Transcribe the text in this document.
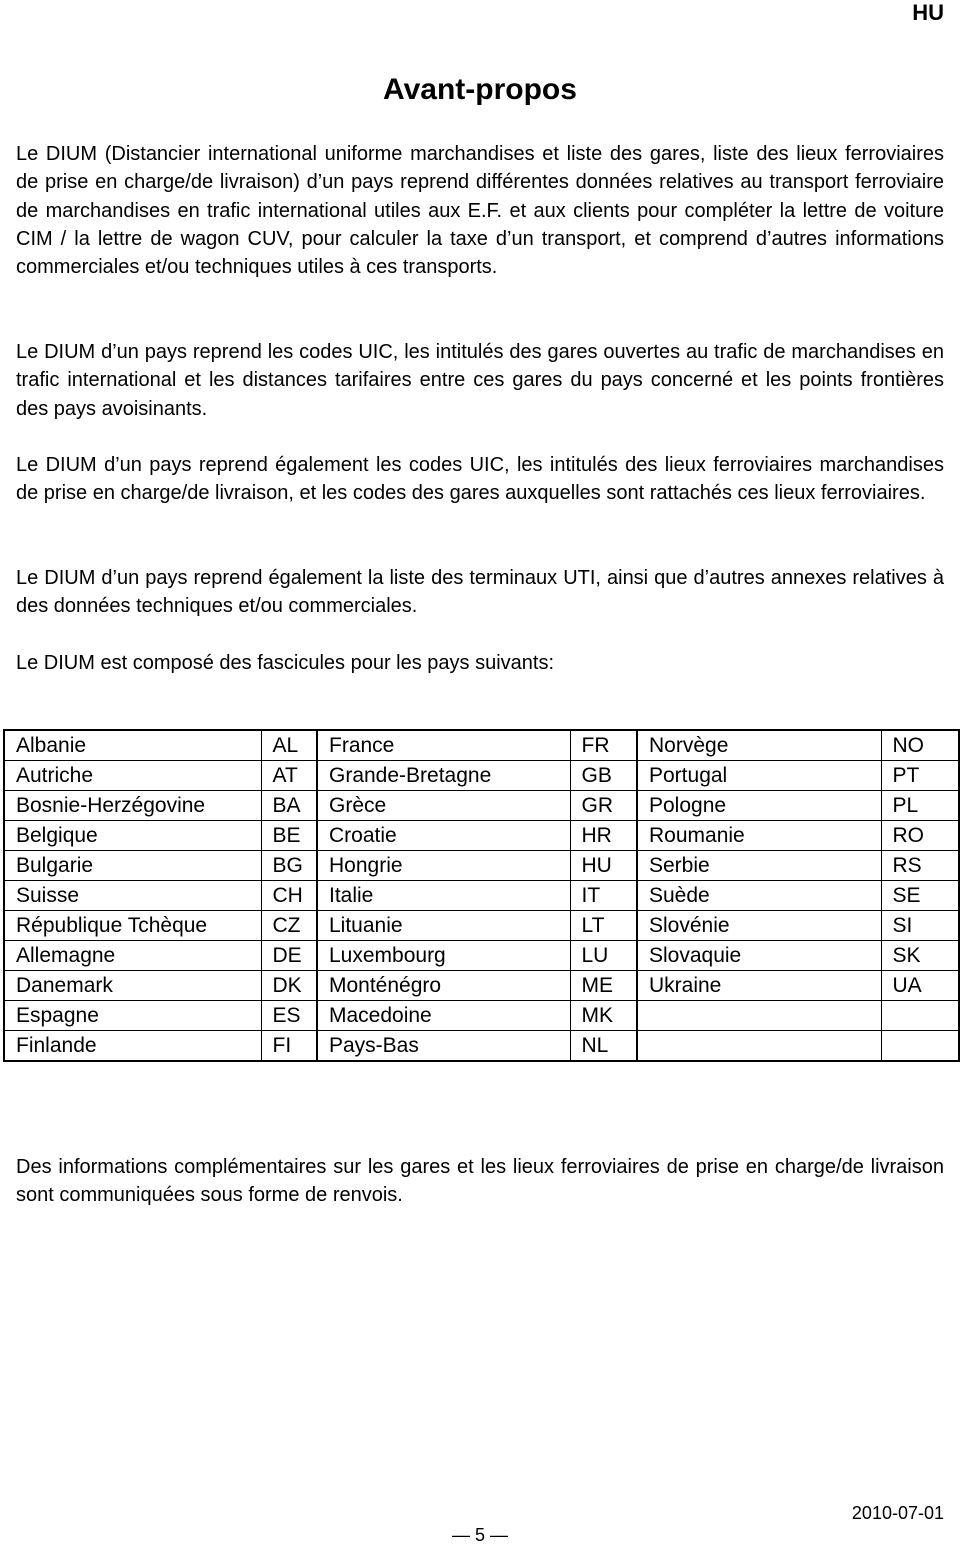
HU
Avant-propos

Le DIUM (Distancier international uniforme marchandises et liste des gares, liste des lieux ferroviaires de prise en charge/de livraison) d’un pays reprend différentes données relatives au transport ferroviaire de marchandises en trafic international utiles aux E.F. et aux clients pour compléter la lettre de voiture CIM / la lettre de wagon CUV, pour calculer la taxe d’un transport, et comprend d’autres informations commerciales et/ou techniques utiles à ces transports.

Le DIUM d’un pays reprend les codes UIC, les intitulés des gares ouvertes au trafic de marchandises en trafic international et les distances tarifaires entre ces gares du pays concerné et les points frontières des pays avoisinants.

Le DIUM d’un pays reprend également les codes UIC, les intitulés des lieux ferroviaires marchandises de prise en charge/de livraison, et les codes des gares auxquelles sont rattachés ces lieux ferroviaires.

Le DIUM d’un pays reprend également la liste des terminaux UTI, ainsi que d’autres annexes relatives à des données techniques et/ou commerciales.

Le DIUM est composé des fascicules pour les pays suivants:

Albanie	AL	France	FR	Norvège	NO
Autriche	AT	Grande-Bretagne	GB	Portugal	PT
Bosnie-Herzégovine	BA	Grèce	GR	Pologne	PL
Belgique	BE	Croatie	HR	Roumanie	RO
Bulgarie	BG	Hongrie	HU	Serbie	RS
Suisse	CH	Italie	IT	Suède	SE
République Tchèque	CZ	Lituanie	LT	Slovénie	SI
Allemagne	DE	Luxembourg	LU	Slovaquie	SK
Danemark	DK	Monténégro	ME	Ukraine	UA
Espagne	ES	Macedoine	MK		
Finlande	FI	Pays-Bas	NL		

Des informations complémentaires sur les gares et les lieux ferroviaires de prise en charge/de livraison sont communiquées sous forme de renvois.

2010-07-01
— 5 —
